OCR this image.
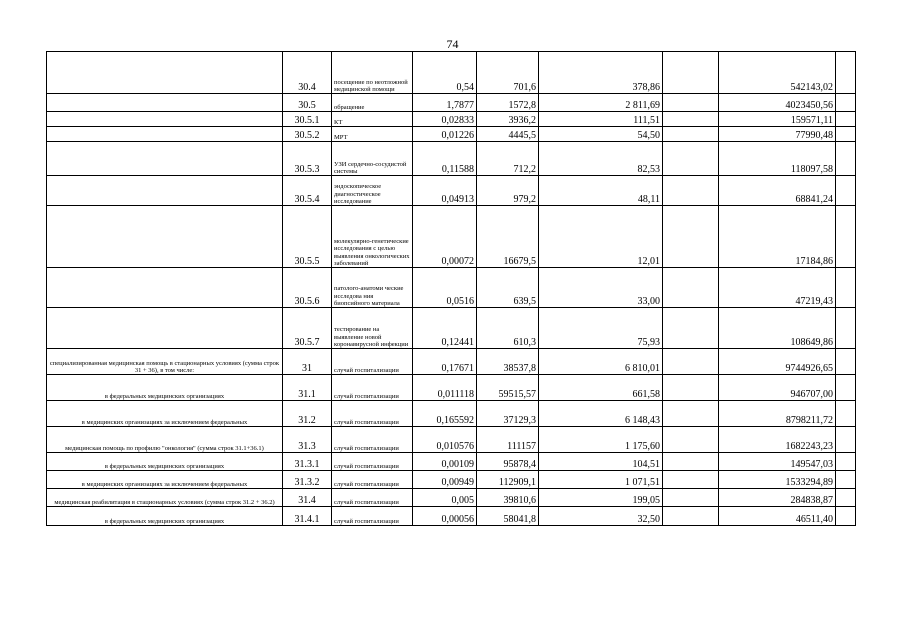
74
	30.4	посещение по неотложной медицинской помощи	0,54	701,6	378,86		542143,02	
	30.5	обращение	1,7877	1572,8	2 811,69		4023450,56	
	30.5.1	КТ	0,02833	3936,2	111,51		159571,11	
	30.5.2	МРТ	0,01226	4445,5	54,50		77990,48	
	30.5.3	УЗИ сердечно-сосудистой системы	0,11588	712,2	82,53		118097,58	
	30.5.4	эндоскопическое диагностическое исследование	0,04913	979,2	48,11		68841,24	
	30.5.5	молекулярно-генетические исследования с целью выявления онкологических заболеваний	0,00072	16679,5	12,01		17184,86	
	30.5.6	патолого-анатоми ческие исследова ния биопсийного материала	0,0516	639,5	33,00		47219,43	
	30.5.7	тестирование на выявление новой коронавирусной инфекции	0,12441	610,3	75,93		108649,86	
специализированная медицинская помощь в стационарных условиях (сумма строк 31 + 36), в том числе:	31	случай госпитализации	0,17671	38537,8	6 810,01		9744926,65	
в федеральных медицинских организациях	31.1	случай госпитализации	0,011118	59515,57	661,58		946707,00	
в медицинских организациях за исключением федеральных	31.2	случай госпитализации	0,165592	37129,3	6 148,43		8798211,72	
медицинская помощь по профилю "онкология" (сумма строк 31.1+36.1)	31.3	случай госпитализации	0,010576	111157	1 175,60		1682243,23	
в федеральных медицинских организациях	31.3.1	случай госпитализации	0,00109	95878,4	104,51		149547,03	
в медицинских организациях за исключением федеральных	31.3.2	случай госпитализации	0,00949	112909,1	1 071,51		1533294,89	
медицинская реабилитация в стационарных условиях (сумма строк 31.2 + 36.2)	31.4	случай госпитализации	0,005	39810,6	199,05		284838,87	
в федеральных медицинских организациях	31.4.1	случай госпитализации	0,00056	58041,8	32,50		46511,40	
